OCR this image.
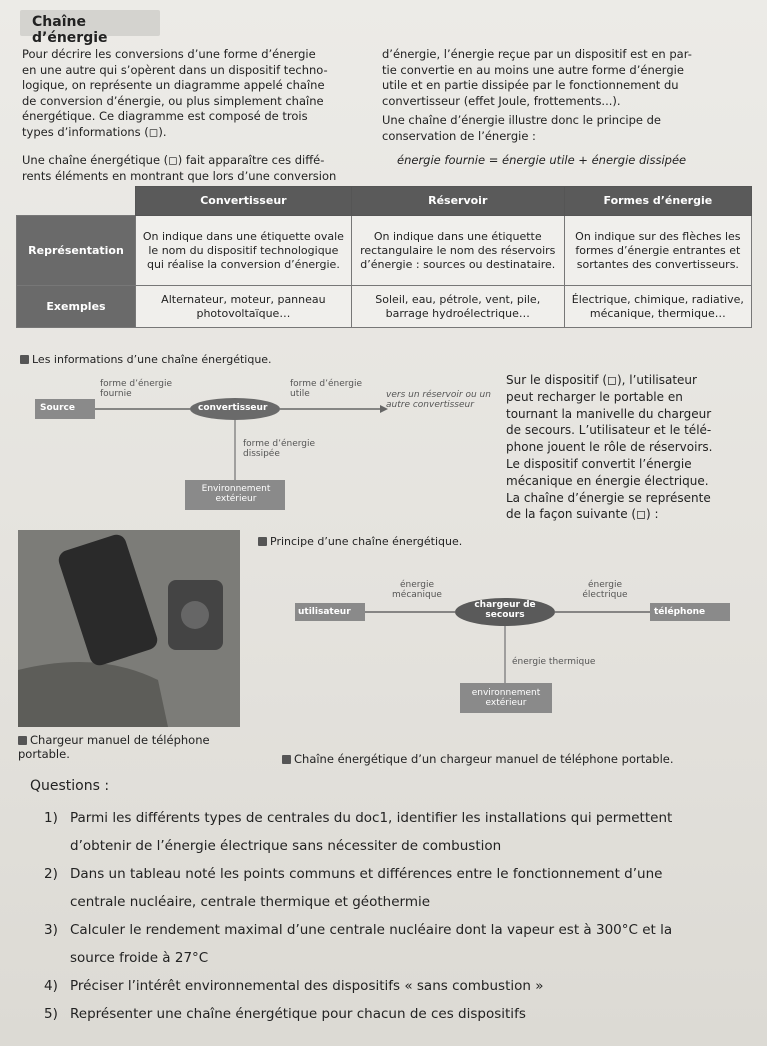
Chaîne d’énergie
Pour décrire les conversions d’une forme d’énergie
en une autre qui s’opèrent dans un dispositif techno-
logique, on représente un diagramme appelé chaîne
de conversion d’énergie, ou plus simplement chaîne
énergétique. Ce diagramme est composé de trois
types d’informations (◻).
Une chaîne énergétique (◻) fait apparaître ces diffé-
rents éléments en montrant que lors d’une conversion
d’énergie, l’énergie reçue par un dispositif est en par-
tie convertie en au moins une autre forme d’énergie
utile et en partie dissipée par le fonctionnement du
convertisseur (effet Joule, frottements...).
Une chaîne d’énergie illustre donc le principe de
conservation de l’énergie :
énergie fournie = énergie utile + énergie dissipée
	Convertisseur	Réservoir	Formes d’énergie
Représentation	On indique dans une étiquette ovale le nom du dispositif technologique qui réalise la conversion d’énergie.	On indique dans une étiquette rectangulaire le nom des réservoirs d’énergie : sources ou destinataire.	On indique sur des flèches les formes d’énergie entrantes et sortantes des convertisseurs.
Exemples	Alternateur, moteur, panneau photovoltaïque…	Soleil, eau, pétrole, vent, pile, barrage hydroélectrique…	Électrique, chimique, radiative, mécanique, thermique…
Les informations d’une chaîne énergétique.
Source	convertisseur
forme d’énergie fournie
forme d’énergie utile	vers un réservoir ou un autre convertisseur
forme d’énergie dissipée
Environnement extérieur
Sur le dispositif (◻), l’utilisateur
peut recharger le portable en
tournant la manivelle du chargeur
de secours. L’utilisateur et le télé-
phone jouent le rôle de réservoirs.
Le dispositif convertit l’énergie
mécanique en énergie électrique.
La chaîne d’énergie se représente
de la façon suivante (◻) :
Principe d’une chaîne énergétique.
utilisateur
chargeur de secours	téléphone
énergie mécanique
énergie électrique
énergie thermique
environnement extérieur
Chargeur manuel de téléphone
portable.	Chaîne énergétique d’un chargeur manuel de téléphone portable.
Questions :
1) Parmi les différents types de centrales du doc1, identifier les installations qui permettent
d’obtenir de l’énergie électrique sans nécessiter de combustion
2) Dans un tableau noté les points communs et différences entre le fonctionnement d’une
centrale nucléaire, centrale thermique et géothermie
3) Calculer le rendement maximal d’une centrale nucléaire dont la vapeur est à 300°C et la
source froide à 27°C
4) Préciser l’intérêt environnemental des dispositifs « sans combustion »
5) Représenter une chaîne énergétique pour chacun de ces dispositifs
